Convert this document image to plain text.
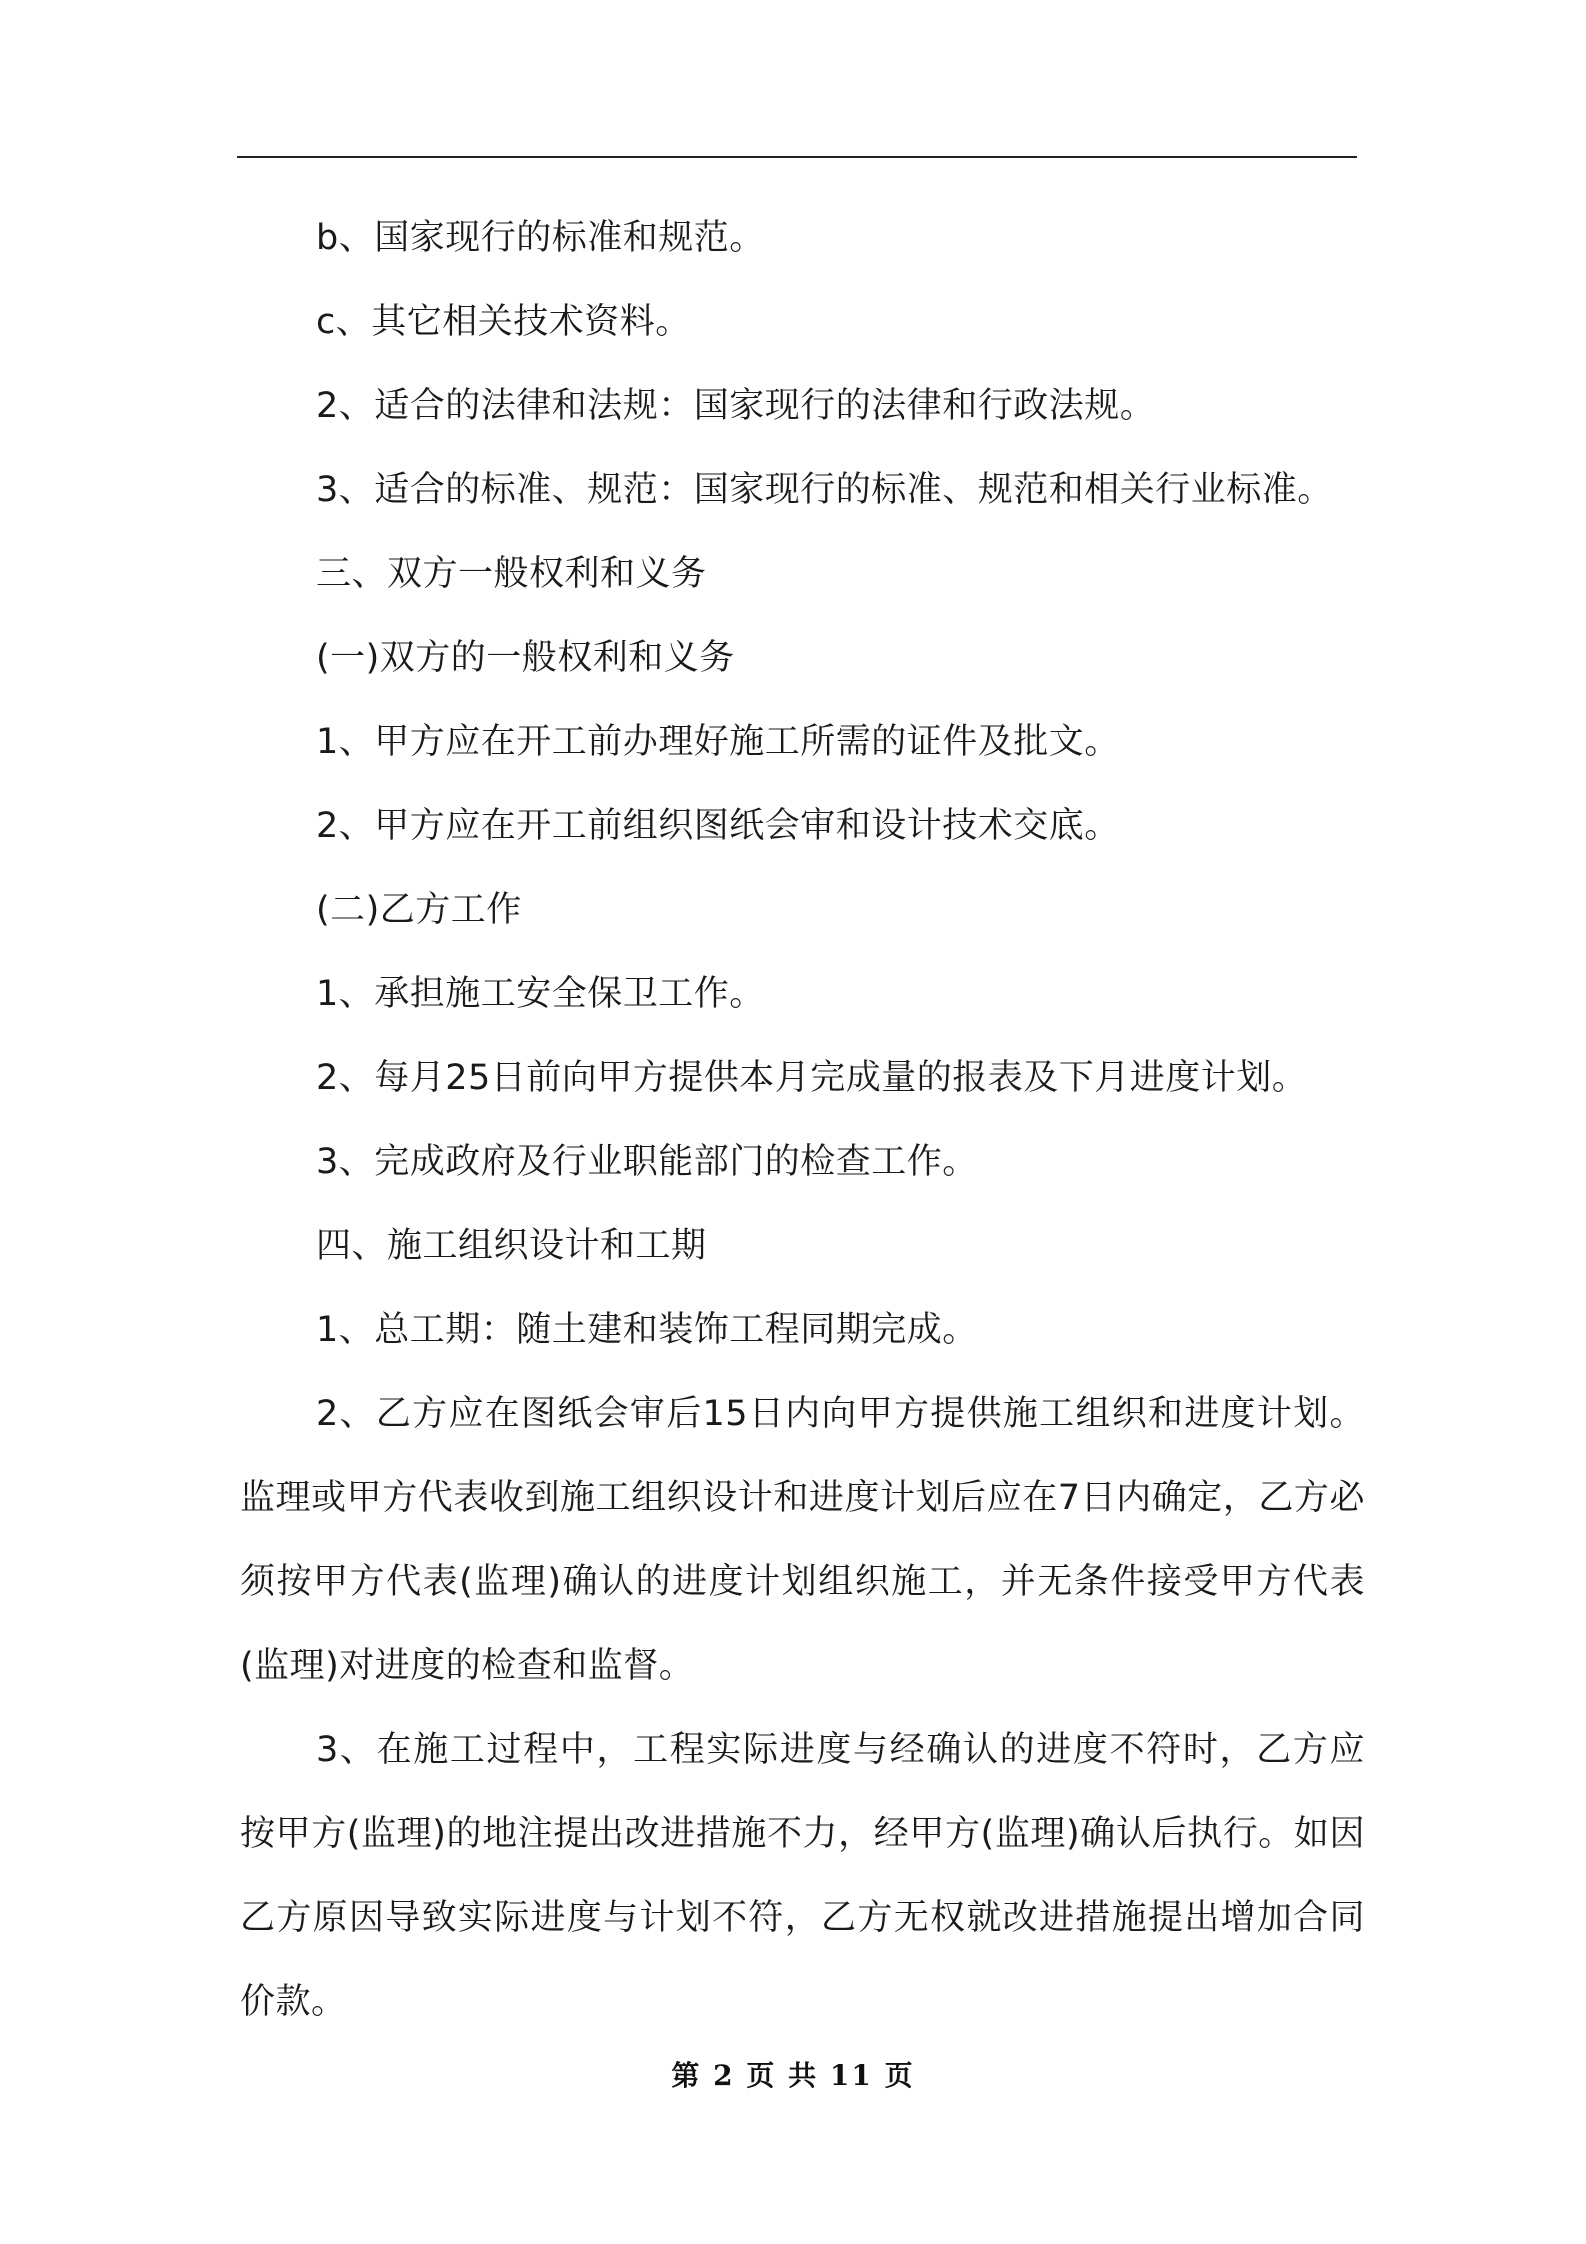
b、国家现行的标准和规范。

c、其它相关技术资料。

2、适合的法律和法规：国家现行的法律和行政法规。

3、适合的标准、规范：国家现行的标准、规范和相关行业标准。

三、双方一般权利和义务

(一)双方的一般权利和义务

1、甲方应在开工前办理好施工所需的证件及批文。

2、甲方应在开工前组织图纸会审和设计技术交底。

(二)乙方工作

1、承担施工安全保卫工作。

2、每月25日前向甲方提供本月完成量的报表及下月进度计划。

3、完成政府及行业职能部门的检查工作。

四、施工组织设计和工期

1、总工期：随土建和装饰工程同期完成。

2、乙方应在图纸会审后15日内向甲方提供施工组织和进度计划。监理或甲方代表收到施工组织设计和进度计划后应在7日内确定，乙方必须按甲方代表(监理)确认的进度计划组织施工，并无条件接受甲方代表(监理)对进度的检查和监督。

3、在施工过程中，工程实际进度与经确认的进度不符时，乙方应按甲方(监理)的地注提出改进措施不力，经甲方(监理)确认后执行。如因乙方原因导致实际进度与计划不符，乙方无权就改进措施提出增加合同价款。

第 2 页 共 11 页
